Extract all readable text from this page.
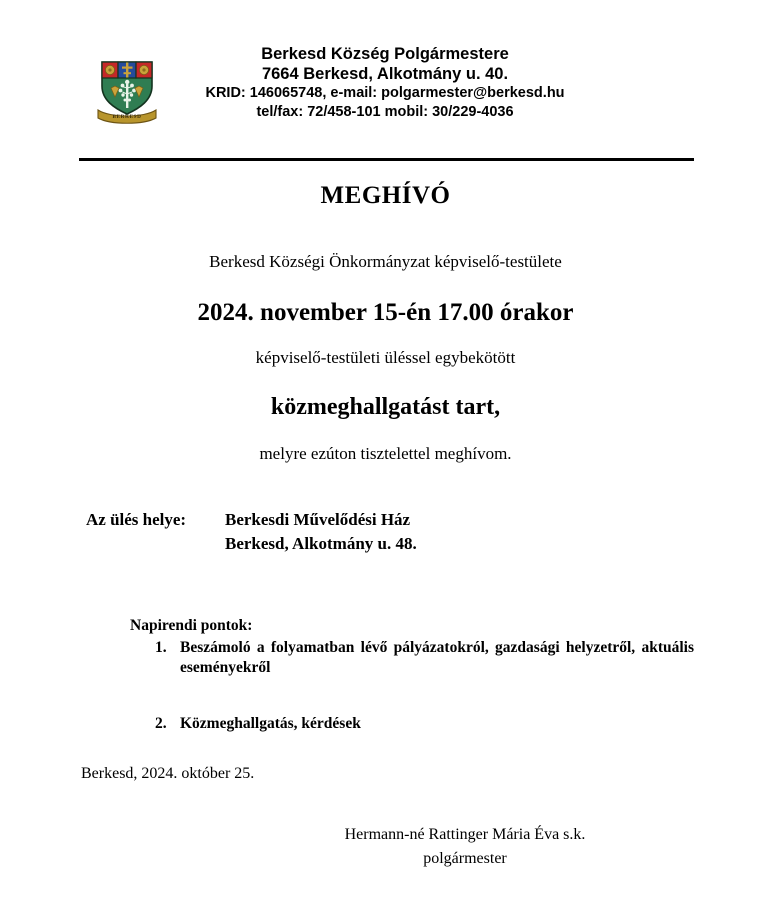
BERKESD
Berkesd Község Polgármestere
7664 Berkesd, Alkotmány u. 40.
KRID: 146065748, e-mail: polgarmester@berkesd.hu
tel/fax: 72/458-101 mobil: 30/229-4036
MEGHÍVÓ
Berkesd Községi Önkormányzat képviselő-testülete
2024. november 15-én 17.00 órakor
képviselő-testületi üléssel egybekötött
közmeghallgatást tart,
melyre ezúton tisztelettel meghívom.
Az ülés helye: Berkesdi Művelődési Ház
Berkesd, Alkotmány u. 48.
Napirendi pontok:
1. Beszámoló a folyamatban lévő pályázatokról, gazdasági helyzetről, aktuális eseményekről
2. Közmeghallgatás, kérdések
Berkesd, 2024. október 25.
Hermann-né Rattinger Mária Éva s.k.
polgármester
